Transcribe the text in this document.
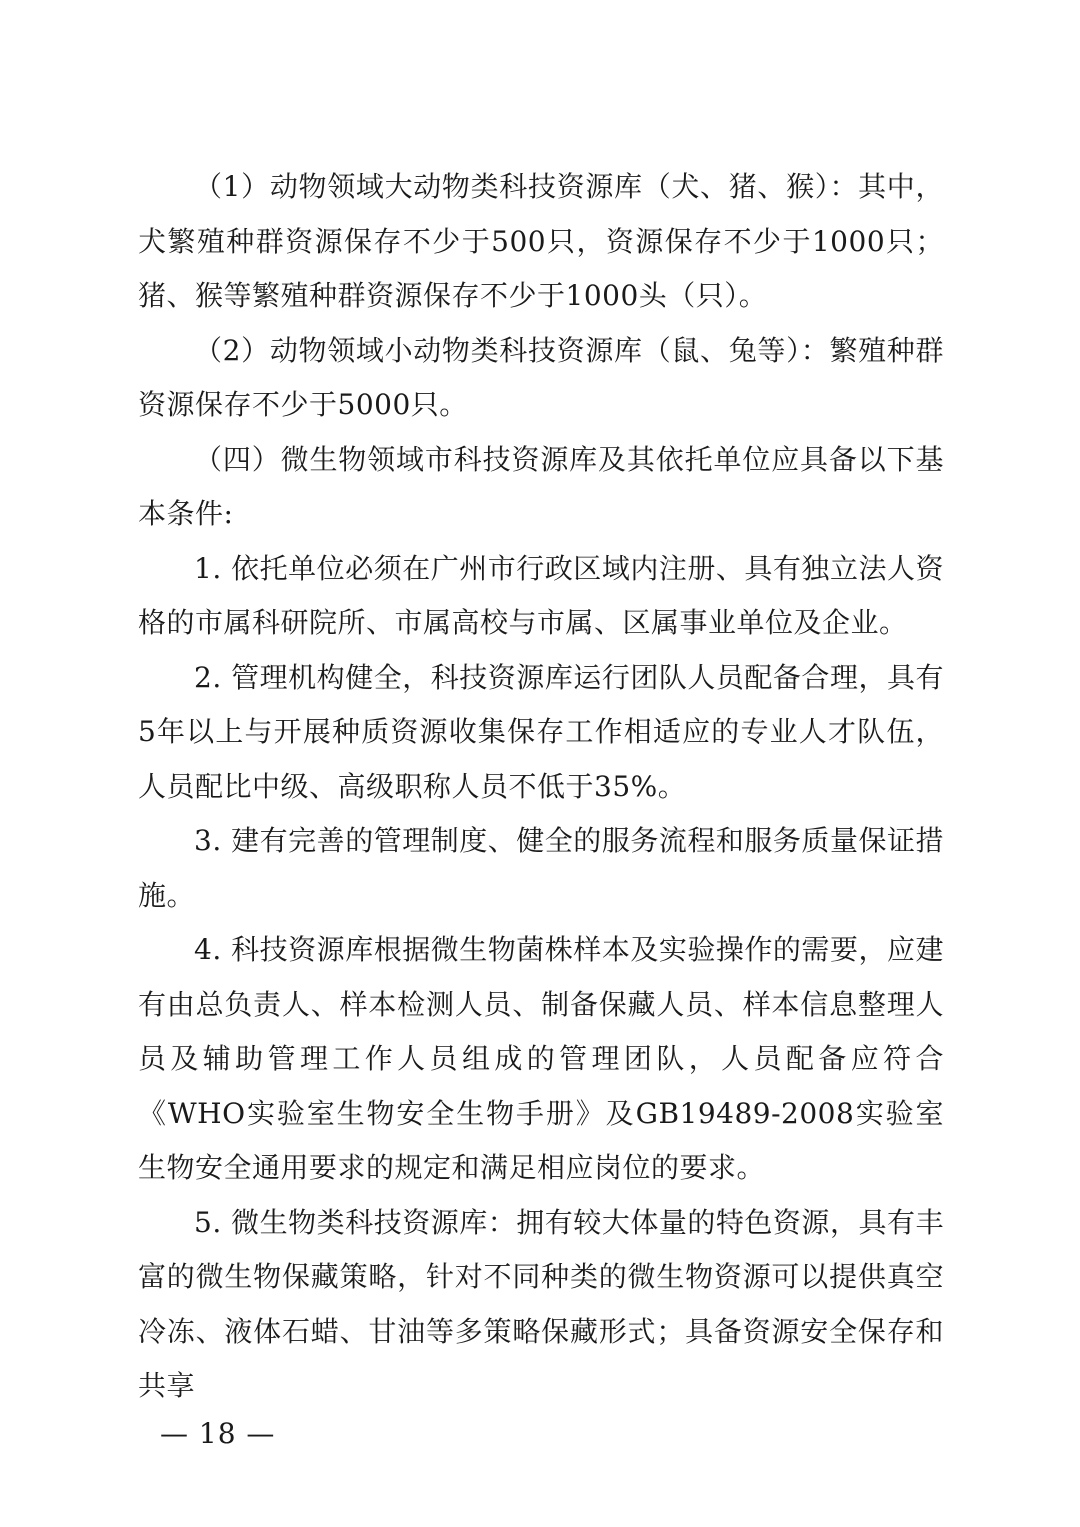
（1）动物领域大动物类科技资源库（犬、猪、猴）：其中，犬繁殖种群资源保存不少于500只，资源保存不少于1000只；猪、猴等繁殖种群资源保存不少于1000头（只）。

（2）动物领域小动物类科技资源库（鼠、兔等）：繁殖种群资源保存不少于5000只。

（四）微生物领域市科技资源库及其依托单位应具备以下基本条件:

1. 依托单位必须在广州市行政区域内注册、具有独立法人资格的市属科研院所、市属高校与市属、区属事业单位及企业。

2. 管理机构健全，科技资源库运行团队人员配备合理，具有5年以上与开展种质资源收集保存工作相适应的专业人才队伍，人员配比中级、高级职称人员不低于35%。

3. 建有完善的管理制度、健全的服务流程和服务质量保证措施。

4. 科技资源库根据微生物菌株样本及实验操作的需要，应建有由总负责人、样本检测人员、制备保藏人员、样本信息整理人员及辅助管理工作人员组成的管理团队，人员配备应符合《WHO实验室生物安全生物手册》及GB19489-2008实验室生物安全通用要求的规定和满足相应岗位的要求。

5. 微生物类科技资源库：拥有较大体量的特色资源，具有丰富的微生物保藏策略，针对不同种类的微生物资源可以提供真空冷冻、液体石蜡、甘油等多策略保藏形式；具备资源安全保存和共享

— 18 —
